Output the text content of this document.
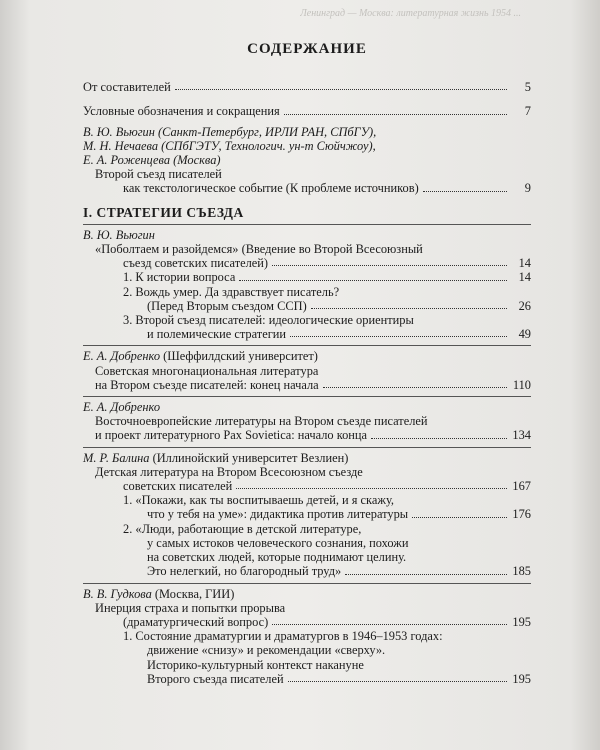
Ленинград — Москва: литературная жизнь 1954 ...
СОДЕРЖАНИЕ
От составителей	5
Условные обозначения и сокращения	7
В. Ю. Вьюгин (Санкт-Петербург, ИРЛИ РАН, СПбГУ),
М. Н. Нечаева (СПбГЭТУ, Технологич. ун-т Сюйчжоу),
Е. А. Роженцева (Москва)
Второй съезд писателей
как текстологическое событие (К проблеме источников)	9
I. СТРАТЕГИИ СЪЕЗДА
В. Ю. Вьюгин
«Поболтаем и разойдемся» (Введение во Второй Всесоюзный
съезд советских писателей)	14
1. К истории вопроса	14
2. Вождь умер. Да здравствует писатель?
(Перед Вторым съездом ССП)	26
3. Второй съезд писателей: идеологические ориентиры
и полемические стратегии	49
Е. А. Добренко (Шеффилдский университет)
Советская многонациональная литература
на Втором съезде писателей: конец начала	110
Е. А. Добренко
Восточноевропейские литературы на Втором съезде писателей
и проект литературного Pax Sovietica: начало конца	134
М. Р. Балина (Иллинойский университет Везлиен)
Детская литература на Втором Всесоюзном съезде
советских писателей	167
1. «Покажи, как ты воспитываешь детей, и я скажу,
что у тебя на уме»: дидактика против литературы	176
2. «Люди, работающие в детской литературе,
у самых истоков человеческого сознания, похожи
на советских людей, которые поднимают целину.
Это нелегкий, но благородный труд»	185
В. В. Гудкова (Москва, ГИИ)
Инерция страха и попытки прорыва
(драматургический вопрос)	195
1. Состояние драматургии и драматургов в 1946–1953 годах:
движение «снизу» и рекомендации «сверху».
Историко-культурный контекст накануне
Второго съезда писателей	195
